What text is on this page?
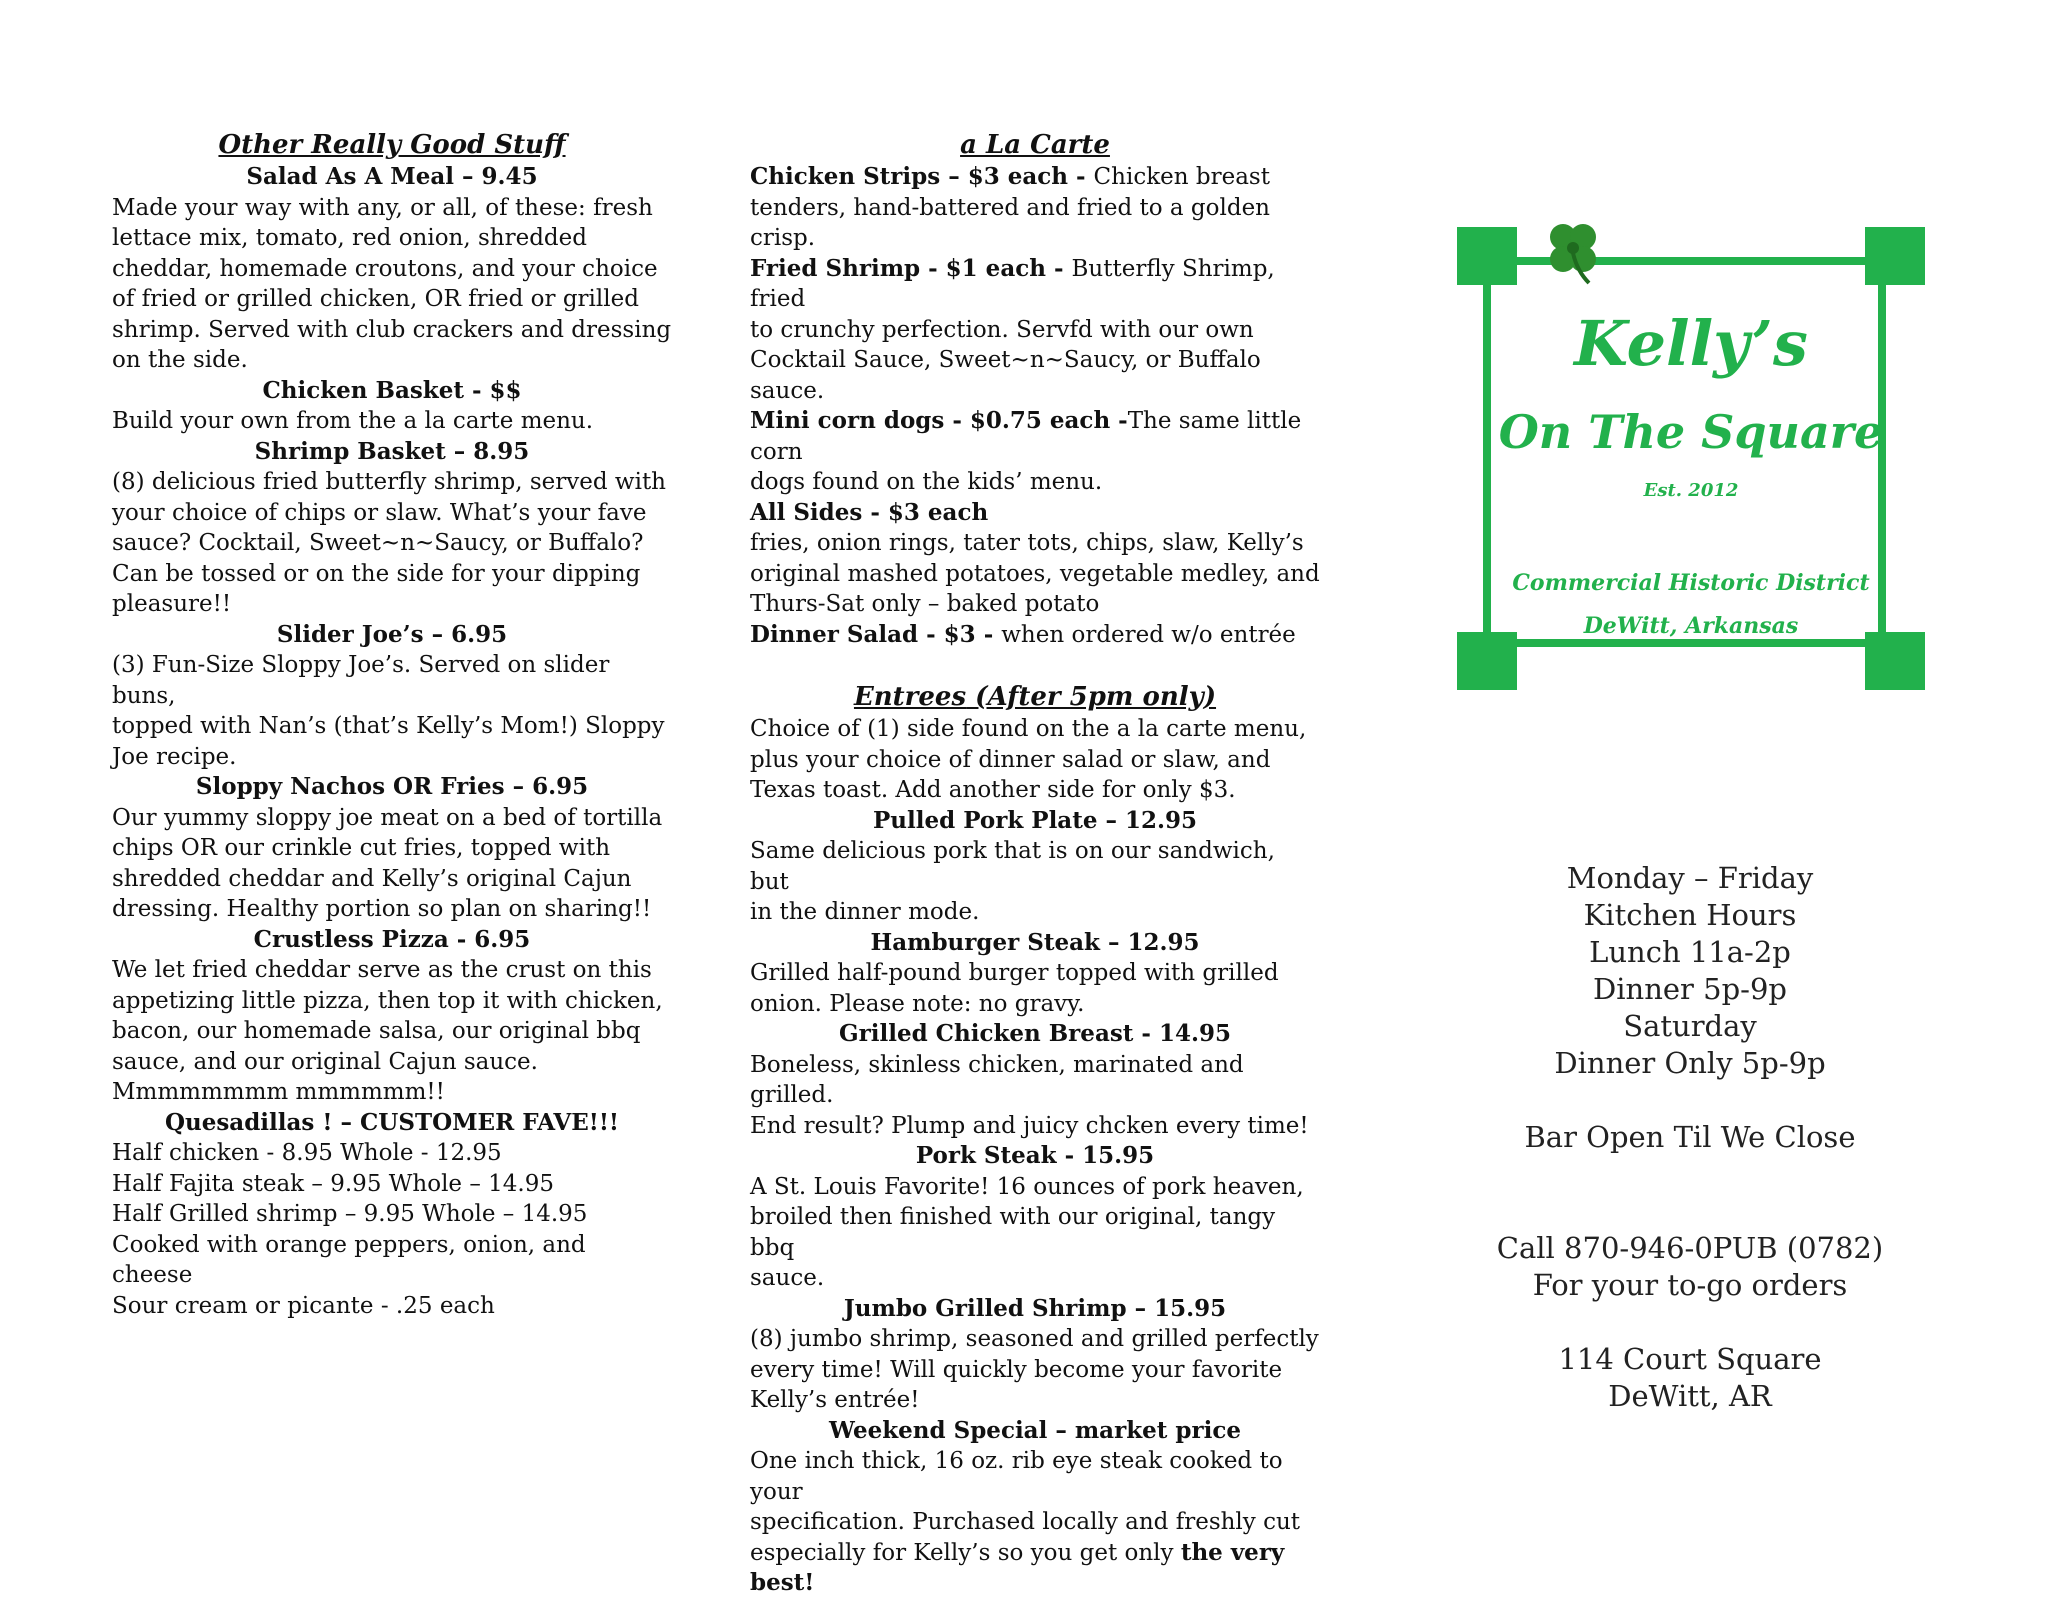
Other Really Good Stuff
Salad As A Meal – 9.45
Made your way with any, or all, of these: fresh
lettace mix, tomato, red onion, shredded
cheddar, homemade croutons, and your choice
of fried or grilled chicken, OR fried or grilled
shrimp. Served with club crackers and dressing
on the side.
Chicken Basket - $$
Build your own from the a la carte menu.
Shrimp Basket – 8.95
(8) delicious fried butterfly shrimp, served with
your choice of chips or slaw. What’s your fave
sauce? Cocktail, Sweet~n~Saucy, or Buffalo?
Can be tossed or on the side for your dipping
pleasure!!
Slider Joe’s – 6.95
(3) Fun-Size Sloppy Joe’s. Served on slider buns,
topped with Nan’s (that’s Kelly’s Mom!) Sloppy
Joe recipe.
Sloppy Nachos OR Fries – 6.95
Our yummy sloppy joe meat on a bed of tortilla
chips OR our crinkle cut fries, topped with
shredded cheddar and Kelly’s original Cajun
dressing. Healthy portion so plan on sharing!!
Crustless Pizza - 6.95
We let fried cheddar serve as the crust on this
appetizing little pizza, then top it with chicken,
bacon, our homemade salsa, our original bbq
sauce, and our original Cajun sauce.
Mmmmmmmm mmmmmm!!
Quesadillas ! – CUSTOMER FAVE!!!
Half chicken - 8.95 Whole - 12.95
Half Fajita steak – 9.95 Whole – 14.95
Half Grilled shrimp – 9.95 Whole – 14.95
Cooked with orange peppers, onion, and cheese
Sour cream or picante - .25 each
a La Carte
Chicken Strips – $3 each - Chicken breast
tenders, hand-battered and fried to a golden crisp.
Fried Shrimp - $1 each - Butterfly Shrimp, fried
to crunchy perfection. Servfd with our own
Cocktail Sauce, Sweet~n~Saucy, or Buffalo sauce.
Mini corn dogs - $0.75 each -The same little corn
dogs found on the kids’ menu.
All Sides - $3 each
fries, onion rings, tater tots, chips, slaw, Kelly’s
original mashed potatoes, vegetable medley, and
Thurs-Sat only – baked potato
Dinner Salad - $3 - when ordered w/o entrée
Entrees (After 5pm only)
Choice of (1) side found on the a la carte menu,
plus your choice of dinner salad or slaw, and
Texas toast. Add another side for only $3.
Pulled Pork Plate – 12.95
Same delicious pork that is on our sandwich, but
in the dinner mode.
Hamburger Steak – 12.95
Grilled half-pound burger topped with grilled
onion. Please note: no gravy.
Grilled Chicken Breast - 14.95
Boneless, skinless chicken, marinated and grilled.
End result? Plump and juicy chcken every time!
Pork Steak - 15.95
A St. Louis Favorite! 16 ounces of pork heaven,
broiled then finished with our original, tangy bbq
sauce.
Jumbo Grilled Shrimp – 15.95
(8) jumbo shrimp, seasoned and grilled perfectly
every time! Will quickly become your favorite
Kelly’s entrée!
Weekend Special – market price
One inch thick, 16 oz. rib eye steak cooked to your
specification. Purchased locally and freshly cut
especially for Kelly’s so you get only the very
best!
Kelly’s
On The Square
Est. 2012
Commercial Historic District
DeWitt, Arkansas
Monday – Friday
Kitchen Hours
Lunch 11a-2p
Dinner 5p-9p
Saturday
Dinner Only 5p-9p
Bar Open Til We Close
Call 870-946-0PUB (0782)
For your to-go orders
114 Court Square
DeWitt, AR
